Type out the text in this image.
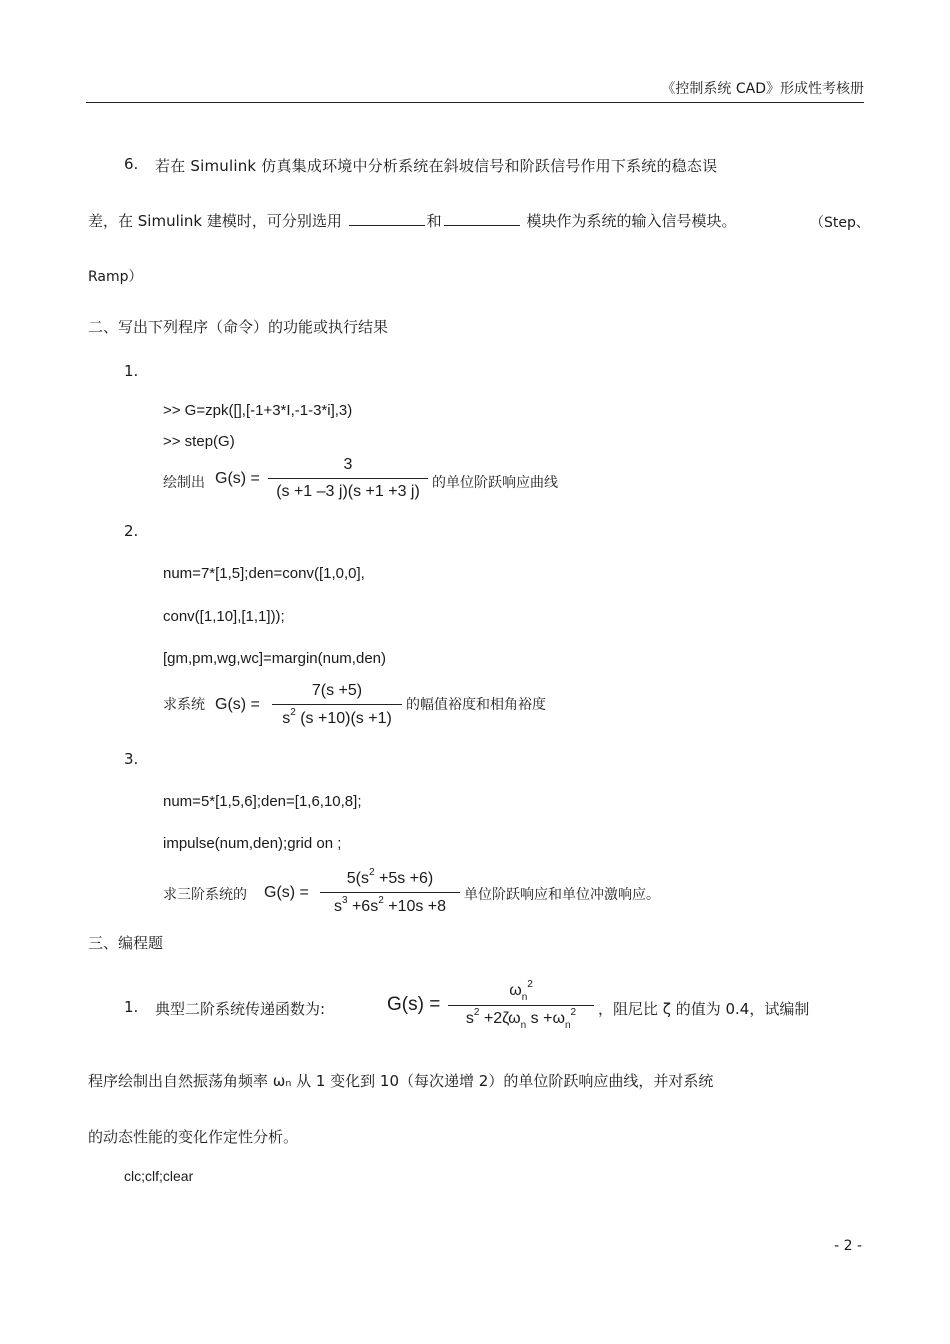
《控制系统 CAD》形成性考核册
6. 若在 Simulink 仿真集成环境中分析系统在斜坡信号和阶跃信号作用下系统的稳态误
差，在 Simulink 建模时，可分别选用	和	模块作为系统的输入信号模块。	（Step、
Ramp）
二、写出下列程序（命令）的功能或执行结果
1.
>> G=zpk([],[-1+3*I,-1-3*i],3)
>> step(G)
绘制出 G(s) =
3
(s +1 –3 j)(s +1 +3 j) 的单位阶跃响应曲线
2.
num=7*[1,5];den=conv([1,0,0],
conv([1,10],[1,1]));
[gm,pm,wg,wc]=margin(num,den)
求系统 G(s) =
7(s +5)
$s^2$ (s +10)(s +1)
的幅值裕度和相角裕度
3.
num=5*[1,5,6];den=[1,6,10,8];
impulse(num,den);grid on ;
求三阶系统的 G(s) =
$5(s^2 +5s +6)$
$s^3 +6s^2 +10s +8$
单位阶跃响应和单位冲激响应。
三、编程题
1. 典型二阶系统传递函数为:	G(s) =
$\omega_n^2$
$s^2 +2\zeta\omega_n$ $s +\omega_n^2$	，阻尼比 ζ 的值为 0.4，试编制
程序绘制出自然振荡角频率 ωₙ 从 1 变化到 10（每次递增 2）的单位阶跃响应曲线，并对系统
的动态性能的变化作定性分析。
clc;clf;clear
- 2 -
